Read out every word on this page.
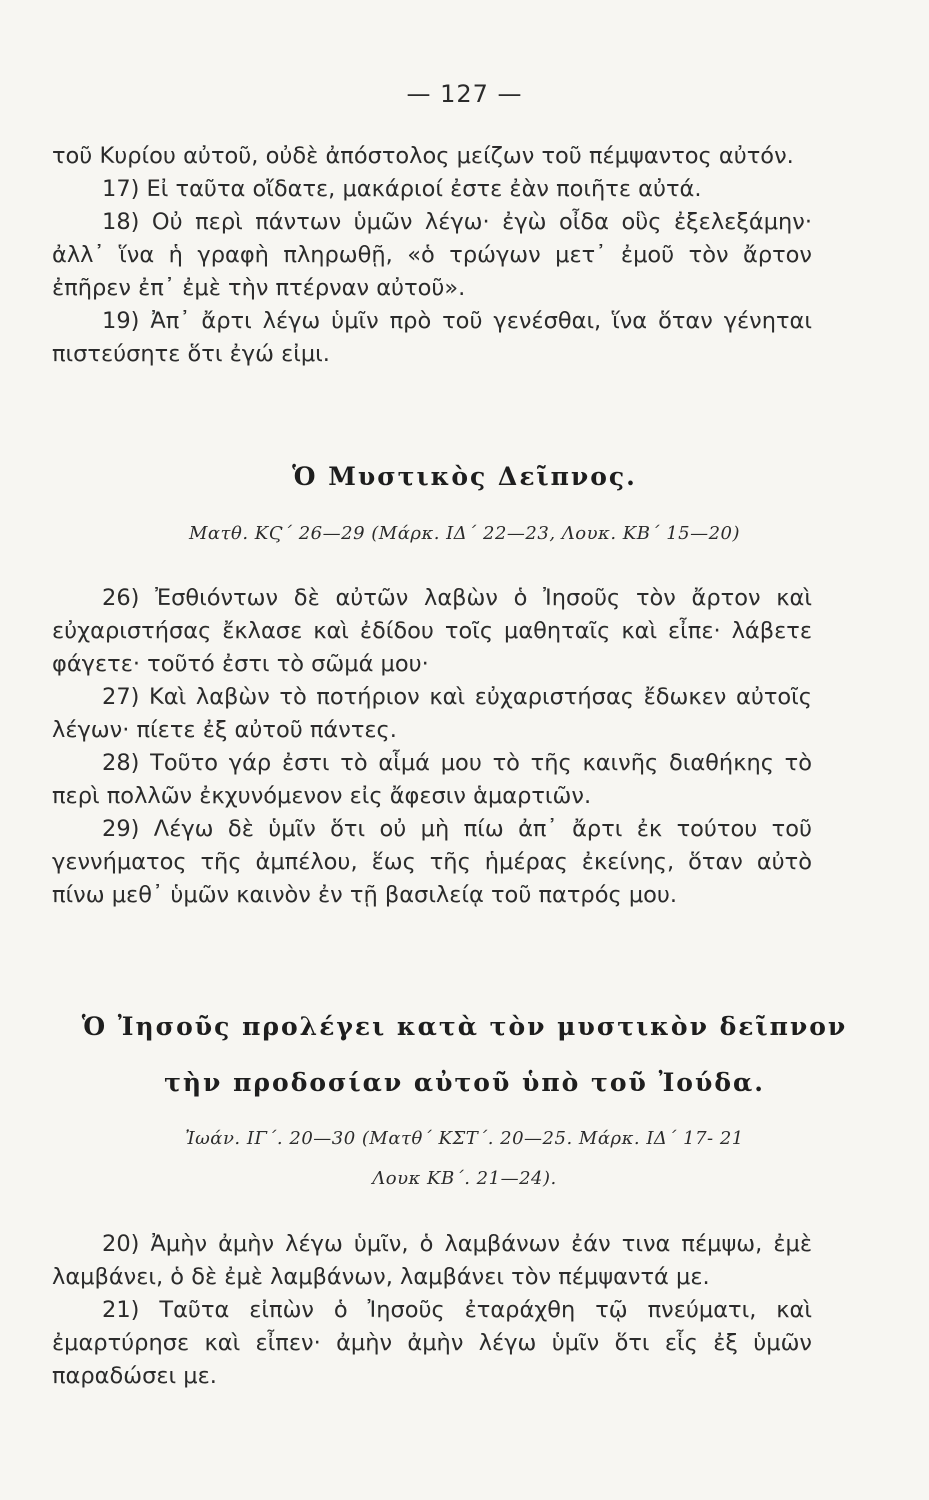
— 127 —

τοῦ Κυρίου αὐτοῦ, οὐδὲ ἀπόστολος μείζων τοῦ πέμψαντος αὐτόν.

17) Εἰ ταῦτα οἴδατε, μακάριοί ἐστε ἐὰν ποιῆτε αὐτά.

18) Οὐ περὶ πάντων ὑμῶν λέγω· ἐγὼ οἶδα οὓς ἐξελεξάμην· ἀλλ᾽ ἵνα ἡ γραφὴ πληρωθῇ, «ὁ τρώγων μετ᾽ ἐμοῦ τὸν ἄρτον ἐπῆρεν ἐπ᾽ ἐμὲ τὴν πτέρναν αὐτοῦ».

19) Ἀπ᾽ ἄρτι λέγω ὑμῖν πρὸ τοῦ γενέσθαι, ἵνα ὅταν γένηται πιστεύσητε ὅτι ἐγώ εἰμι.

Ὁ Μυστικὸς Δεῖπνος.
Ματθ. ΚϚ΄ 26—29 (Μάρκ. ΙΔ΄ 22—23, Λουκ. ΚΒ΄ 15—20)

26) Ἐσθιόντων δὲ αὐτῶν λαβὼν ὁ Ἰησοῦς τὸν ἄρτον καὶ εὐχαριστήσας ἔκλασε καὶ ἐδίδου τοῖς μαθηταῖς καὶ εἶπε· λάβετε φάγετε· τοῦτό ἐστι τὸ σῶμά μου·

27) Καὶ λαβὼν τὸ ποτήριον καὶ εὐχαριστήσας ἔδωκεν αὐτοῖς λέγων· πίετε ἐξ αὐτοῦ πάντες.

28) Τοῦτο γάρ ἐστι τὸ αἷμά μου τὸ τῆς καινῆς διαθήκης τὸ περὶ πολλῶν ἐκχυνόμενον εἰς ἄφεσιν ἁμαρτιῶν.

29) Λέγω δὲ ὑμῖν ὅτι οὐ μὴ πίω ἀπ᾽ ἄρτι ἐκ τούτου τοῦ γεννήματος τῆς ἀμπέλου, ἕως τῆς ἡμέρας ἐκείνης, ὅταν αὐτὸ πίνω μεθ᾽ ὑμῶν καινὸν ἐν τῇ βασιλείᾳ τοῦ πατρός μου.

Ὁ Ἰησοῦς προλέγει κατὰ τὸν μυστικὸν δεῖπνον
τὴν προδοσίαν αὐτοῦ ὑπὸ τοῦ Ἰούδα.
Ἰωάν. ΙΓ΄. 20—30 (Ματθ΄ ΚΣΤ΄. 20—25. Μάρκ. ΙΔ΄ 17- 21
Λουκ ΚΒ΄. 21—24).

20) Ἀμὴν ἀμὴν λέγω ὑμῖν, ὁ λαμβάνων ἐάν τινα πέμψω, ἐμὲ λαμβάνει, ὁ δὲ ἐμὲ λαμβάνων, λαμβάνει τὸν πέμψαντά με.

21) Ταῦτα εἰπὼν ὁ Ἰησοῦς ἐταράχθη τῷ πνεύματι, καὶ ἐμαρτύρησε καὶ εἶπεν· ἀμὴν ἀμὴν λέγω ὑμῖν ὅτι εἷς ἐξ ὑμῶν παραδώσει με.
